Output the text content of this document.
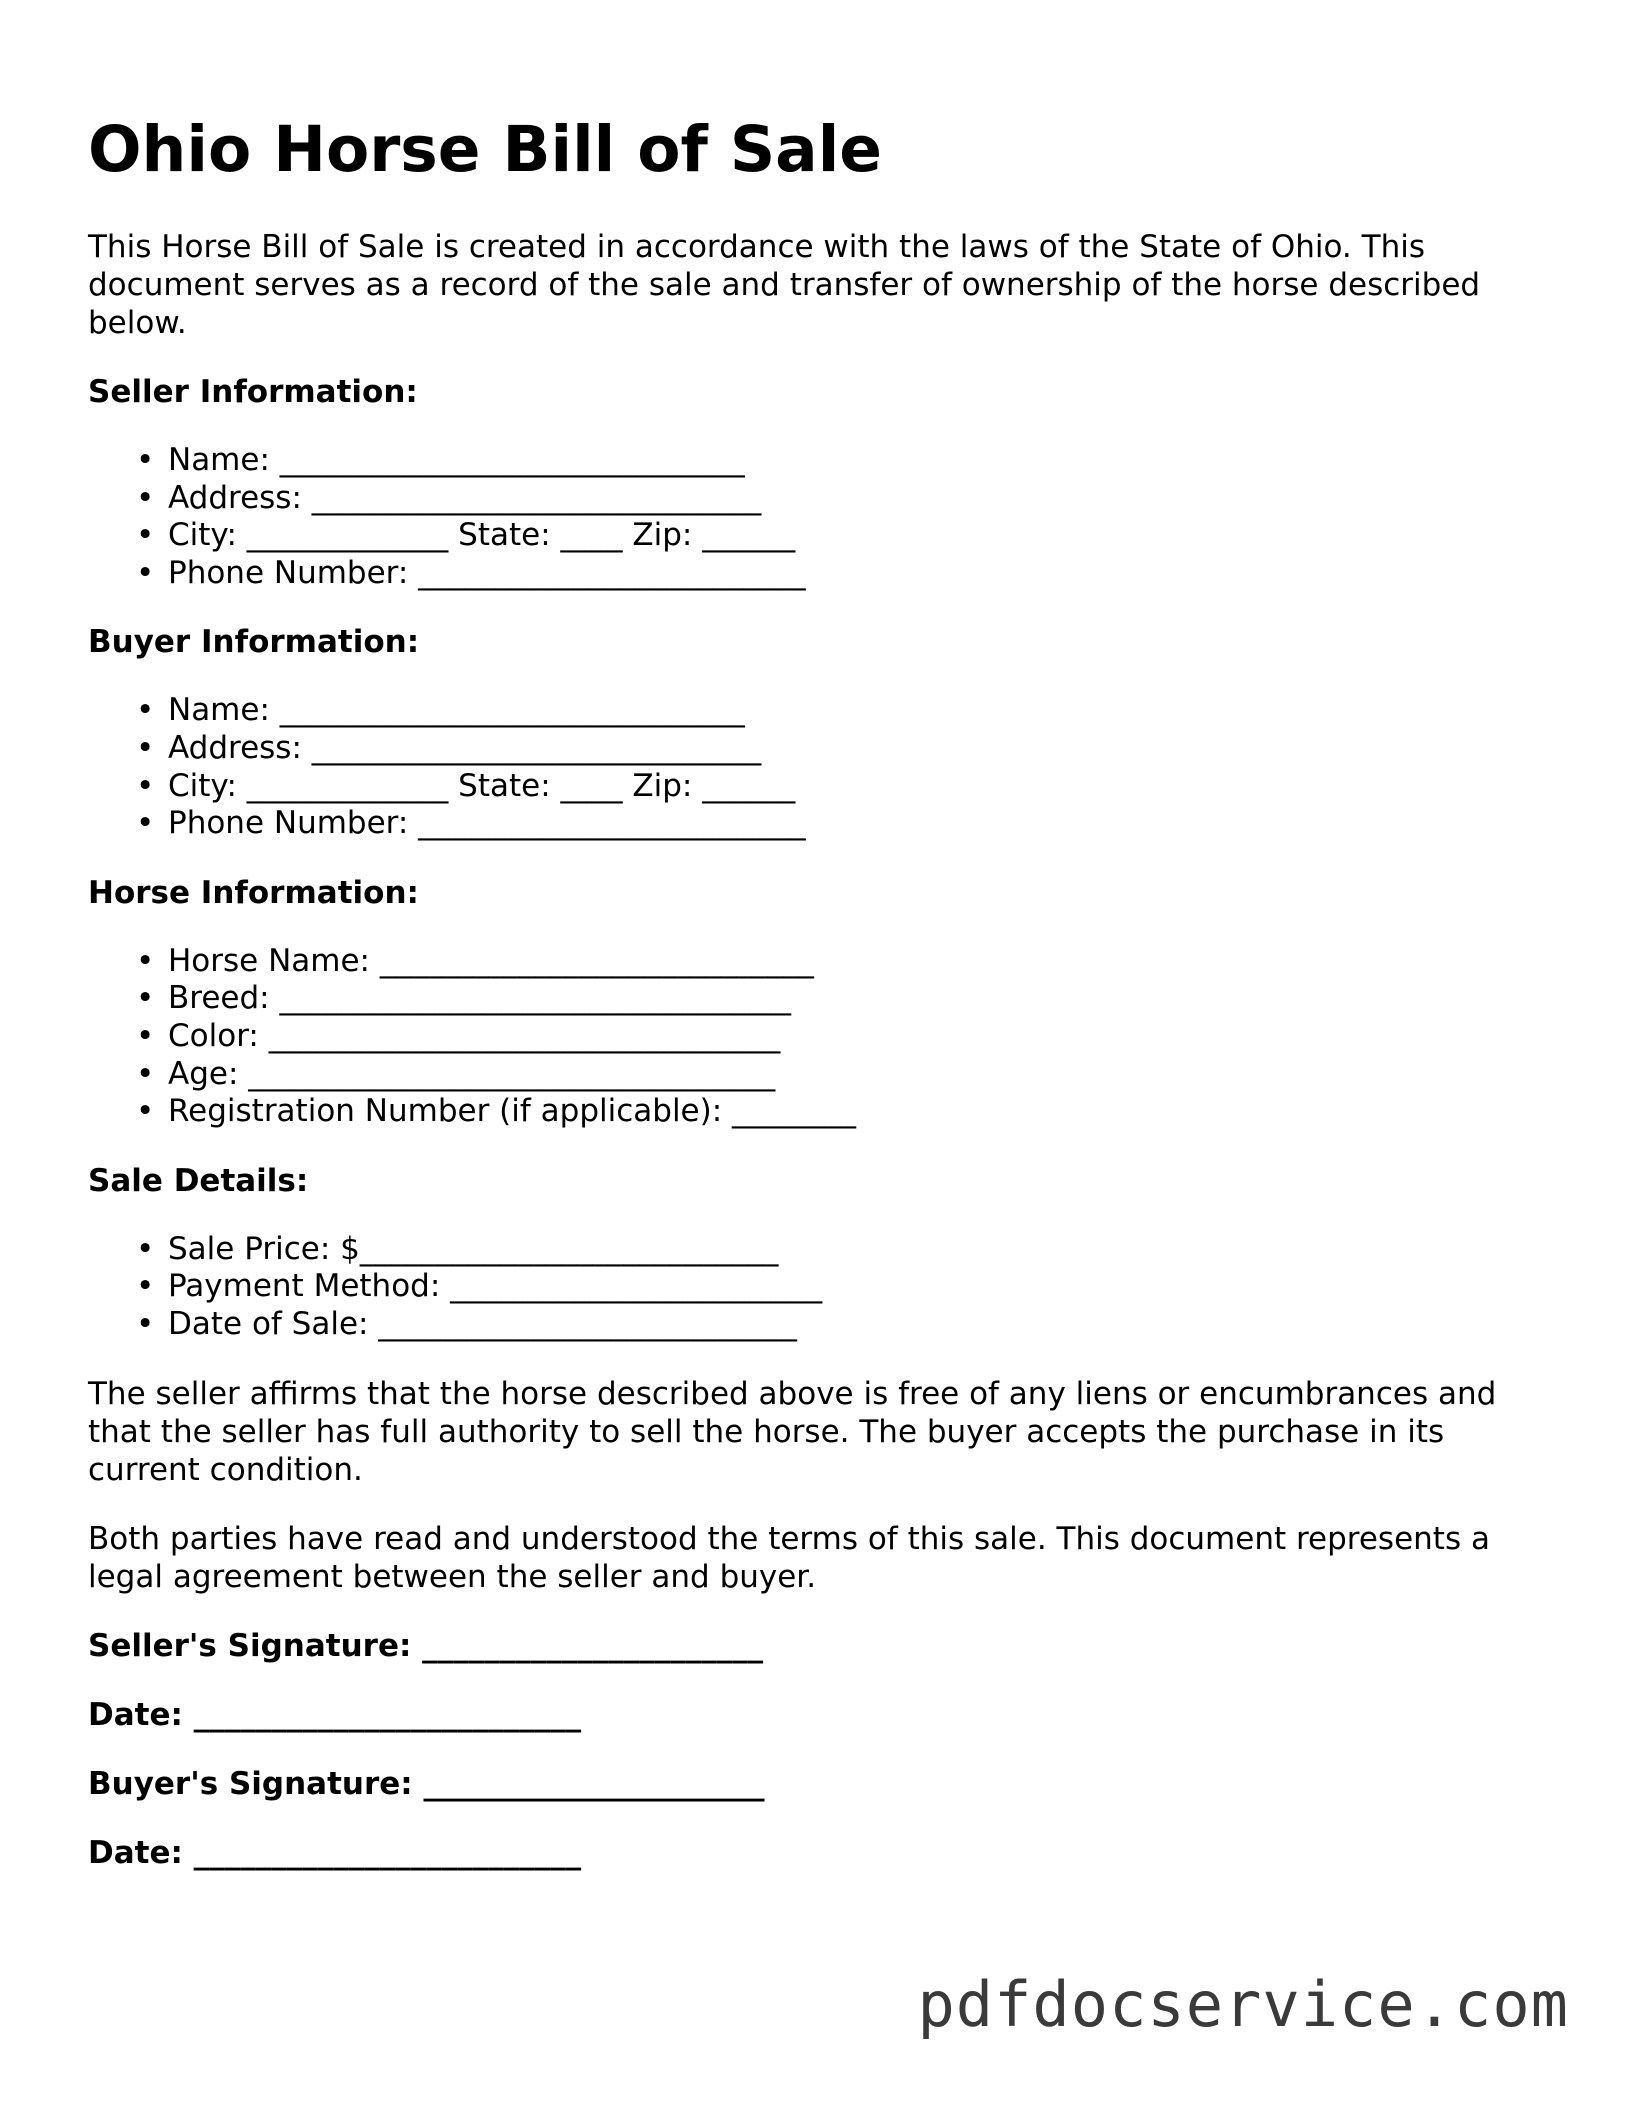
Ohio Horse Bill of Sale

This Horse Bill of Sale is created in accordance with the laws of the State of Ohio. This document serves as a record of the sale and transfer of ownership of the horse described below.

Seller Information:
• Name: ______________________________
• Address: _____________________________
• City: _____________ State: ____ Zip: ______
• Phone Number: _________________________
Buyer Information:
• Name: ______________________________
• Address: _____________________________
• City: _____________ State: ____ Zip: ______
• Phone Number: _________________________
Horse Information:
• Horse Name: ____________________________
• Breed: _________________________________
• Color: _________________________________
• Age: __________________________________
• Registration Number (if applicable): ________
Sale Details:
• Sale Price: $___________________________
• Payment Method: ________________________
• Date of Sale: ___________________________

The seller affirms that the horse described above is free of any liens or encumbrances and that the seller has full authority to sell the horse. The buyer accepts the purchase in its current condition.

Both parties have read and understood the terms of this sale. This document represents a legal agreement between the seller and buyer.

Seller's Signature: ______________________
Date: _________________________
Buyer's Signature: ______________________
Date: _________________________
pdfdocservice.com
